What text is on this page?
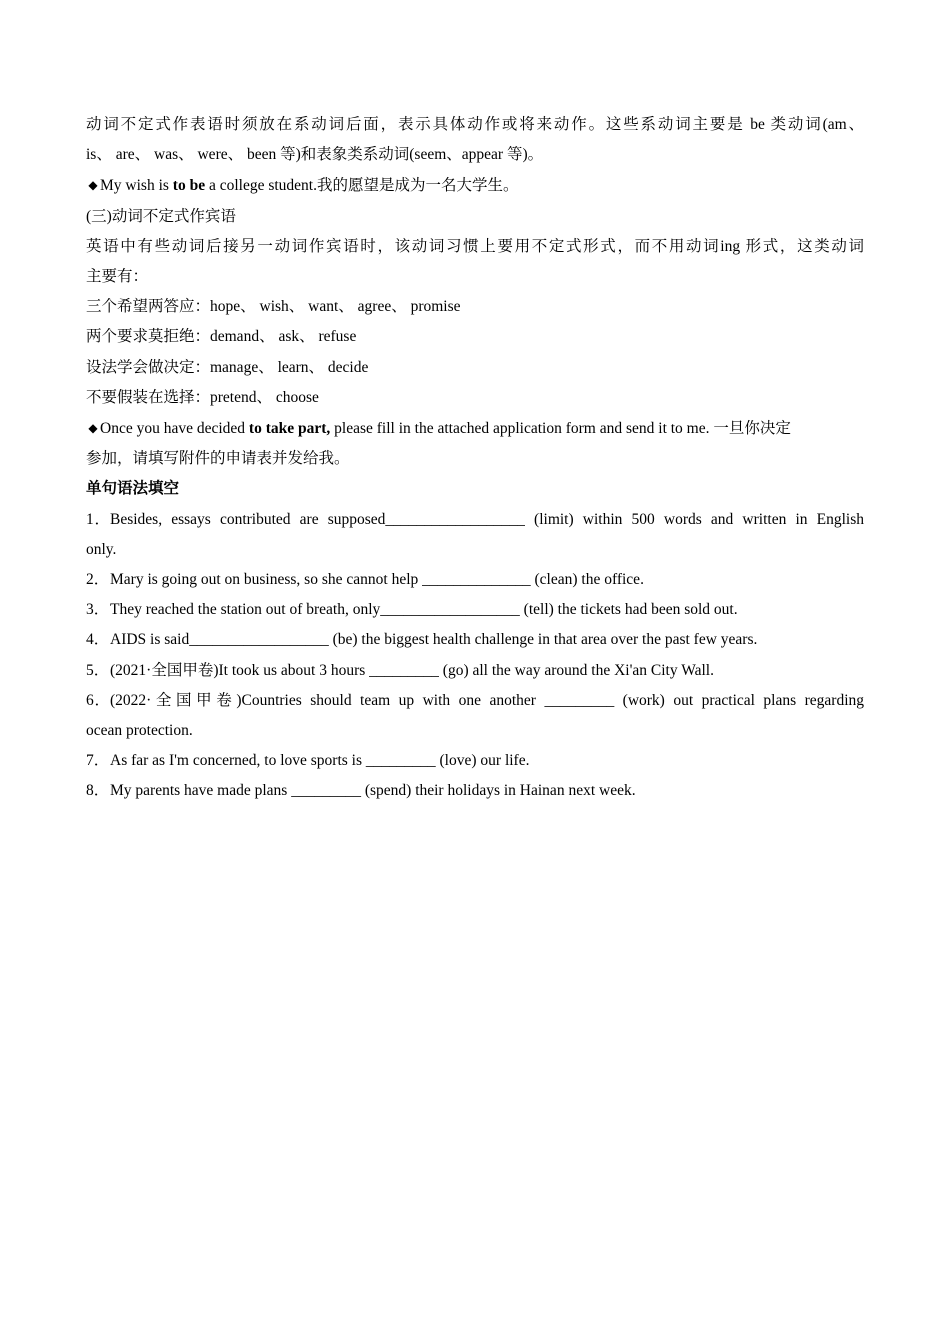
动词不定式作表语时须放在系动词后面，表示具体动作或将来动作。这些系动词主要是 be 类动词(am、

is、 are、 was、 were、 been 等)和表象类系动词(seem、appear 等)。

◆ My wish is to be a college student.我的愿望是成为一名大学生。

(三)动词不定式作宾语

英语中有些动词后接另一动词作宾语时，该动词习惯上要用不定式形式，而不用动词ing 形式，这类动词

主要有：

三个希望两答应：hope、 wish、 want、 agree、 promise

两个要求莫拒绝：demand、 ask、 refuse

设法学会做决定：manage、 learn、 decide

不要假装在选择：pretend、 choose

◆ Once you have decided to take part, please fill in the attached application form and send it to me. 一旦你决定

参加，请填写附件的申请表并发给我。

单句语法填空

1．Besides, essays contributed are supposed__________________ (limit) within 500 words and written in English

only.

2．Mary is going out on business, so she cannot help ______________ (clean) the office.

3．They reached the station out of breath, only__________________ (tell) the tickets had been sold out.

4．AIDS is said__________________ (be) the biggest health challenge in that area over the past few years.

5．(2021·全国甲卷)It took us about 3 hours _________ (go) all the way around the Xi'an City Wall.

6．(2022·全国甲卷)Countries should team up with one another _________ (work) out practical plans regarding

ocean protection.

7．As far as I'm concerned, to love sports is _________ (love) our life.

8．My parents have made plans _________ (spend) their holidays in Hainan next week.
